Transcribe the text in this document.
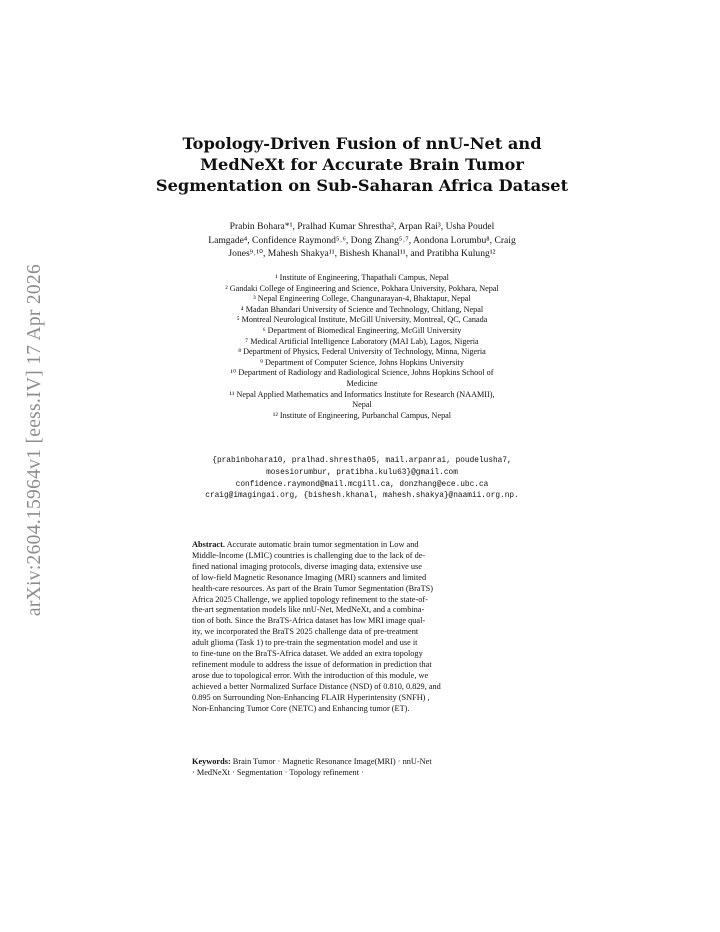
arXiv:2604.15964v1 [eess.IV] 17 Apr 2026
Topology-Driven Fusion of nnU-Net and
MedNeXt for Accurate Brain Tumor
Segmentation on Sub-Saharan Africa Dataset
Prabin Bohara*¹, Pralhad Kumar Shrestha², Arpan Rai³, Usha Poudel
Lamgade⁴, Confidence Raymond⁵˒⁶, Dong Zhang⁵˒⁷, Aondona Lorumbu⁸, Craig
Jones⁹˒¹⁰, Mahesh Shakya¹¹, Bishesh Khanal¹¹, and Pratibha Kulung¹²
¹ Institute of Engineering, Thapathali Campus, Nepal
² Gandaki College of Engineering and Science, Pokhara University, Pokhara, Nepal
³ Nepal Engineering College, Changunarayan-4, Bhaktapur, Nepal
⁴ Madan Bhandari University of Science and Technology, Chitlang, Nepal
⁵ Montreal Neurological Institute, McGill University, Montreal, QC, Canada
⁶ Department of Biomedical Engineering, McGill University
⁷ Medical Artificial Intelligence Laboratory (MAI Lab), Lagos, Nigeria
⁸ Department of Physics, Federal University of Technology, Minna, Nigeria
⁹ Department of Computer Science, Johns Hopkins University
¹⁰ Department of Radiology and Radiological Science, Johns Hopkins School of
Medicine
¹¹ Nepal Applied Mathematics and Informatics Institute for Research (NAAMII),
Nepal
¹² Institute of Engineering, Purbanchal Campus, Nepal
{prabinbohara10, pralhad.shrestha05, mail.arpanrai, poudelusha7,
mosesiorumbur, pratibha.kulu63}@gmail.com
confidence.raymond@mail.mcgill.ca, donzhang@ece.ubc.ca
craig@imagingai.org, {bishesh.khanal, mahesh.shakya}@naamii.org.np.
Abstract. Accurate automatic brain tumor segmentation in Low and
Middle-Income (LMIC) countries is challenging due to the lack of de-
fined national imaging protocols, diverse imaging data, extensive use
of low-field Magnetic Resonance Imaging (MRI) scanners and limited
health-care resources. As part of the Brain Tumor Segmentation (BraTS)
Africa 2025 Challenge, we applied topology refinement to the state-of-
the-art segmentation models like nnU-Net, MedNeXt, and a combina-
tion of both. Since the BraTS-Africa dataset has low MRI image qual-
ity, we incorporated the BraTS 2025 challenge data of pre-treatment
adult glioma (Task 1) to pre-train the segmentation model and use it
to fine-tune on the BraTS-Africa dataset. We added an extra topology
refinement module to address the issue of deformation in prediction that
arose due to topological error. With the introduction of this module, we
achieved a better Normalized Surface Distance (NSD) of 0.810, 0.829, and
0.895 on Surrounding Non-Enhancing FLAIR Hyperintensity (SNFH) ,
Non-Enhancing Tumor Core (NETC) and Enhancing tumor (ET).
Keywords: Brain Tumor · Magnetic Resonance Image(MRI) · nnU-Net
· MedNeXt · Segmentation · Topology refinement ·
